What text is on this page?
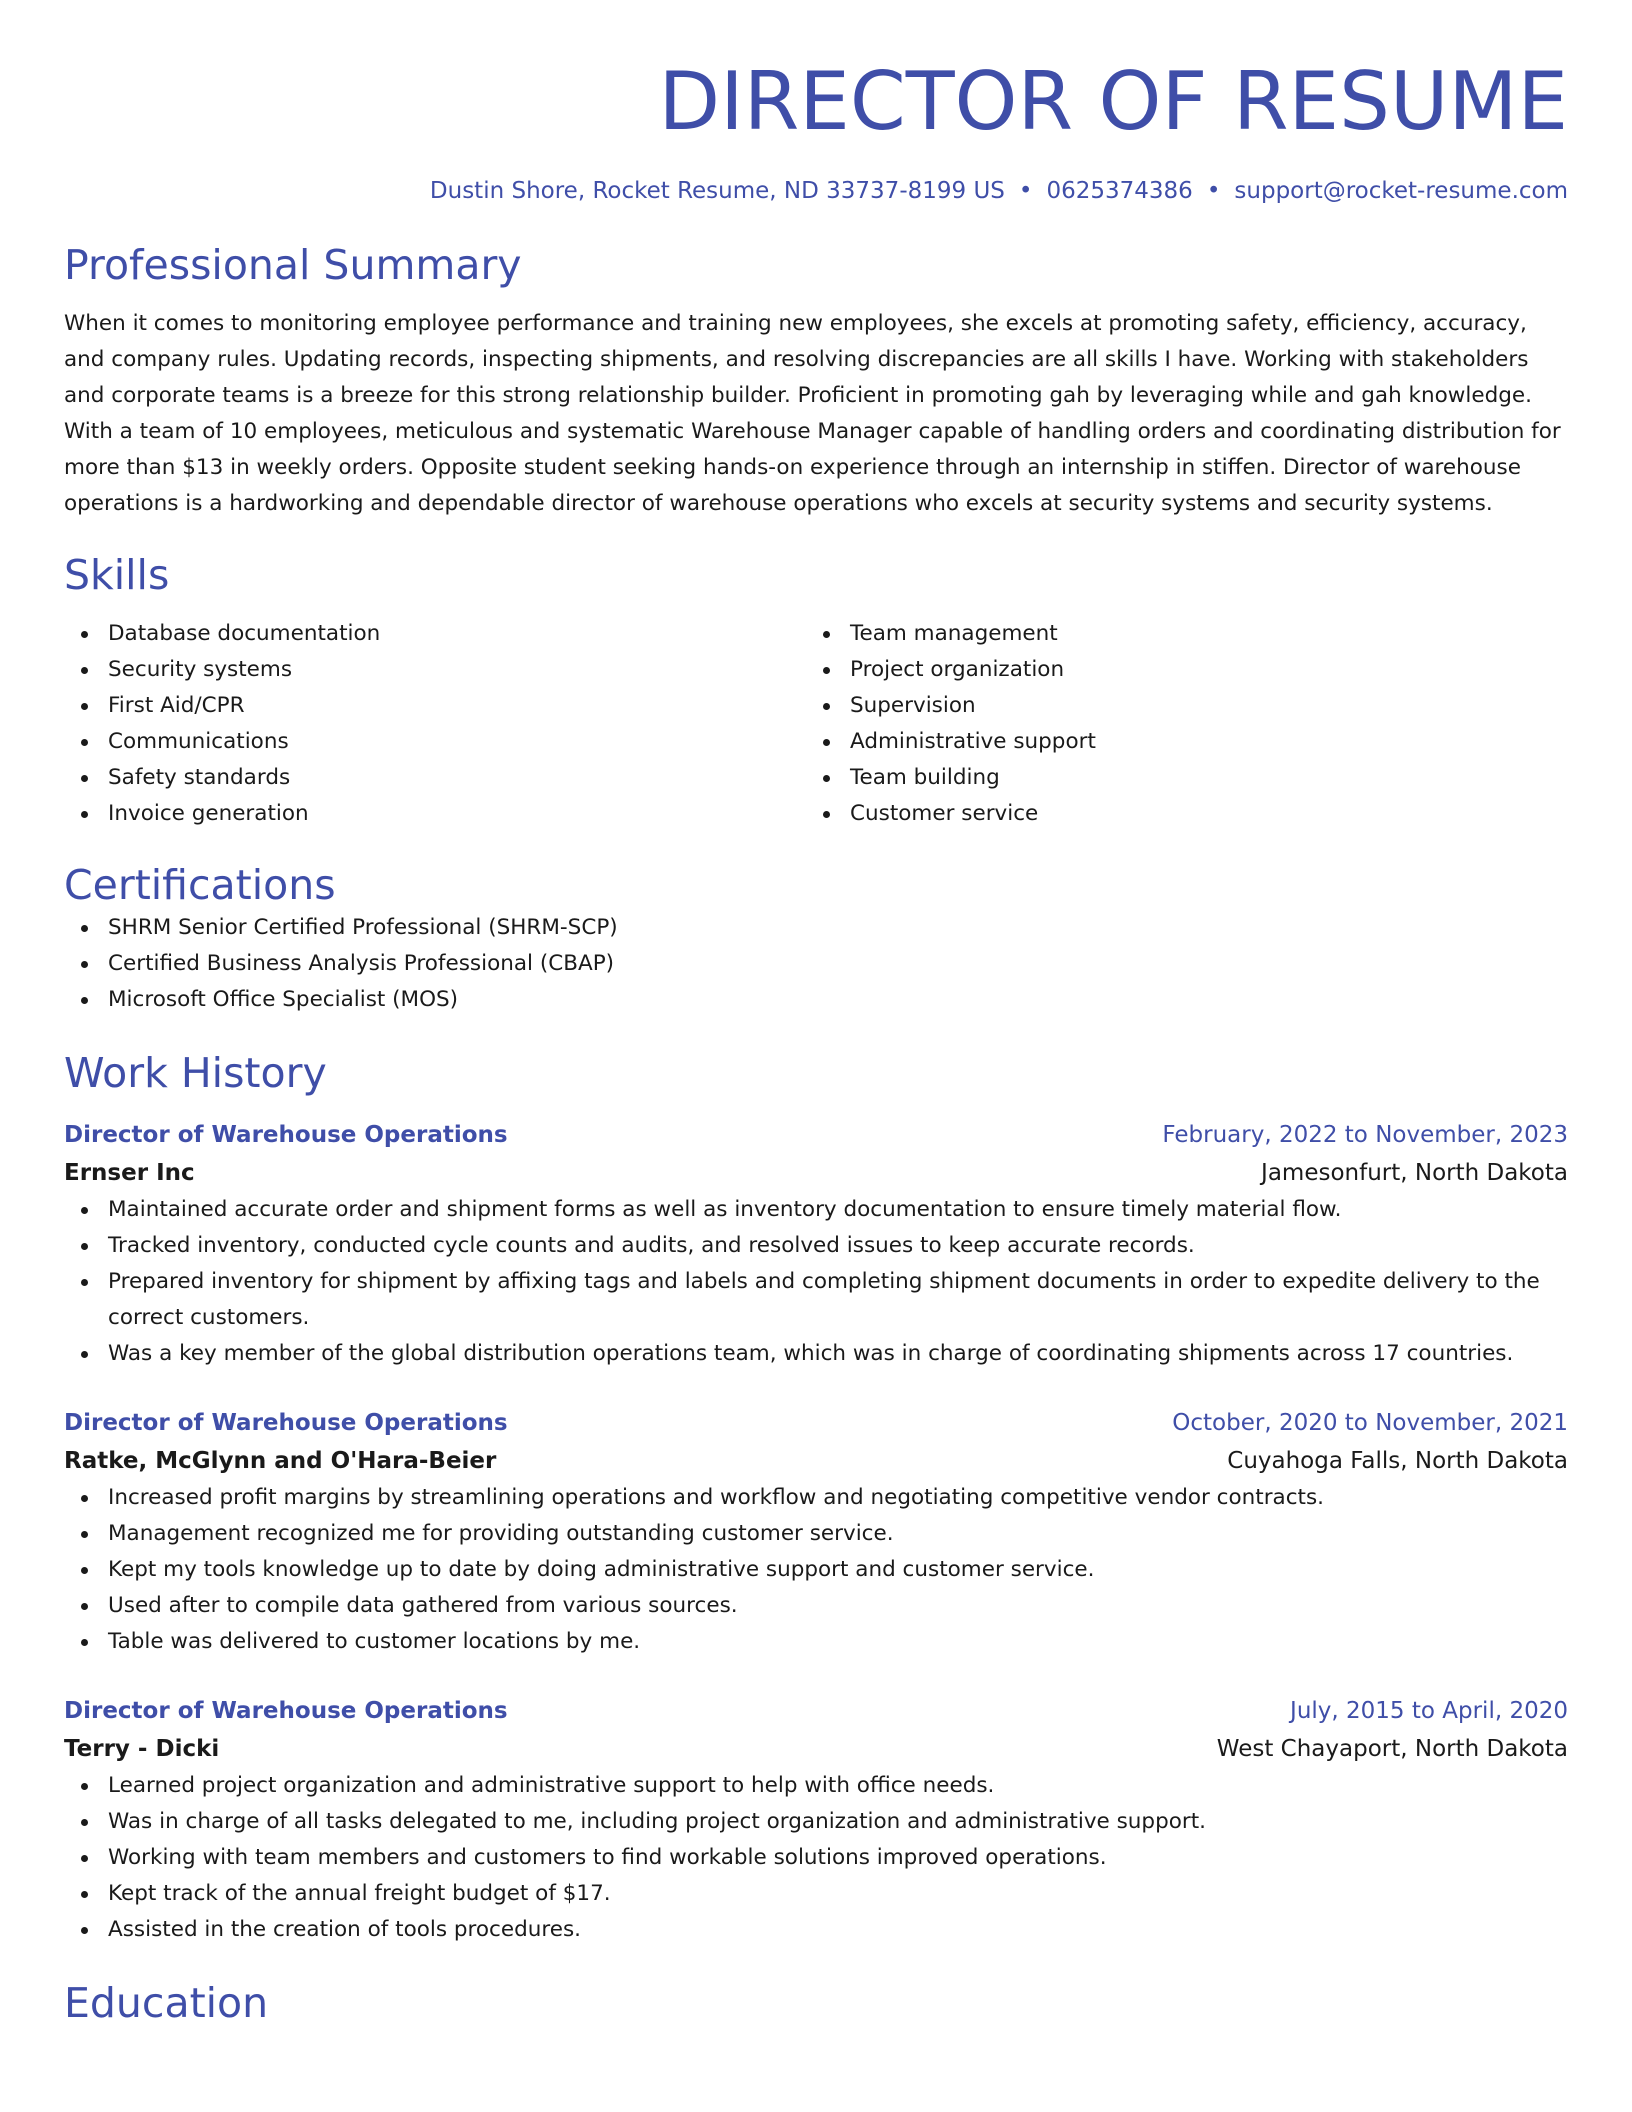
DIRECTOR OF RESUME
Dustin Shore, Rocket Resume, ND 33737-8199 US • 0625374386 • support@rocket-resume.com
Professional Summary
When it comes to monitoring employee performance and training new employees, she excels at promoting safety, efficiency, accuracy, and company rules. Updating records, inspecting shipments, and resolving discrepancies are all skills I have. Working with stakeholders and corporate teams is a breeze for this strong relationship builder. Proficient in promoting gah by leveraging while and gah knowledge. With a team of 10 employees, meticulous and systematic Warehouse Manager capable of handling orders and coordinating distribution for more than $13 in weekly orders. Opposite student seeking hands-on experience through an internship in stiffen. Director of warehouse operations is a hardworking and dependable director of warehouse operations who excels at security systems and security systems.
Skills
Database documentation
Security systems
First Aid/CPR
Communications
Safety standards
Invoice generation
Team management
Project organization
Supervision
Administrative support
Team building
Customer service
Certifications
SHRM Senior Certified Professional (SHRM-SCP)
Certified Business Analysis Professional (CBAP)
Microsoft Office Specialist (MOS)
Work History
Director of Warehouse Operations	February, 2022 to November, 2023
Ernser Inc	Jamesonfurt, North Dakota
Maintained accurate order and shipment forms as well as inventory documentation to ensure timely material flow.
Tracked inventory, conducted cycle counts and audits, and resolved issues to keep accurate records.
Prepared inventory for shipment by affixing tags and labels and completing shipment documents in order to expedite delivery to the correct customers.
Was a key member of the global distribution operations team, which was in charge of coordinating shipments across 17 countries.
Director of Warehouse Operations	October, 2020 to November, 2021
Ratke, McGlynn and O'Hara-Beier	Cuyahoga Falls, North Dakota
Increased profit margins by streamlining operations and workflow and negotiating competitive vendor contracts.
Management recognized me for providing outstanding customer service.
Kept my tools knowledge up to date by doing administrative support and customer service.
Used after to compile data gathered from various sources.
Table was delivered to customer locations by me.
Director of Warehouse Operations	July, 2015 to April, 2020
Terry - Dicki	West Chayaport, North Dakota
Learned project organization and administrative support to help with office needs.
Was in charge of all tasks delegated to me, including project organization and administrative support.
Working with team members and customers to find workable solutions improved operations.
Kept track of the annual freight budget of $17.
Assisted in the creation of tools procedures.
Education
